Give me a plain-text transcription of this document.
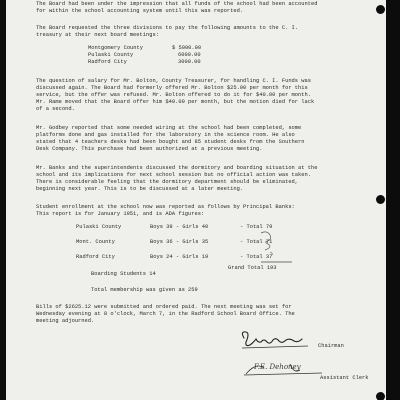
The Board had been under the impression that all funds of the school had been accounted

for within the school accounting system until this was reported.

The Board requested the three divisions to pay the following amounts to the C. I.

treasury at their next board meetings:

Montgomery County	$ 5000.00

Pulaski County	6000.00

Radford City	3000.00

The question of salary for Mr. Bolton, County Treasurer, for handling C. I. Funds was

discussed again. The Board had formerly offered Mr. Bolton $25.00 per month for this

service, but the offer was refused. Mr. Bolton offered to do it for $40.00 per month.

Mr. Rame moved that the Board offer him $40.00 per month, but the motion died for lack

of a second.

Mr. Godbey reported that some needed wiring at the school had been completed, some

platforms done and gas installed for the laboratory in the science room. He also

stated that 4 teachers desks had been bought and 85 student desks from the Southern

Desk Company. This purchase had been authorized at a previous meeting.

Mr. Banks and the superintendents discussed the dormitory and boarding situation at the

school and its implications for next school session but no official action was taken.

There is considerable feeling that the dormitory department should be eliminated,

beginning next year. This is to be discussed at a later meeting.

Student enrollment at the school now was reported as follows by Principal Banks:

This report is for January 1951, and is ADA figures:

Pulaski County	Boys 39 - Girls 40	- Total 79

Mont. County	Boys 36 - Girls 35	- Total 71

Radford City	Boys 24 - Girls 19	- Total 37

Grand Total 193

Boarding Students 14

Total membership was given as 259

Bills of $2625.12 were submitted and ordered paid. The next meeting was set for

Wednesday evening at 8 o'clock, March 7, in the Radford School Board Office. The

meeting adjourned.

Chairman

F.E. Dehoney

Assistant Clerk
